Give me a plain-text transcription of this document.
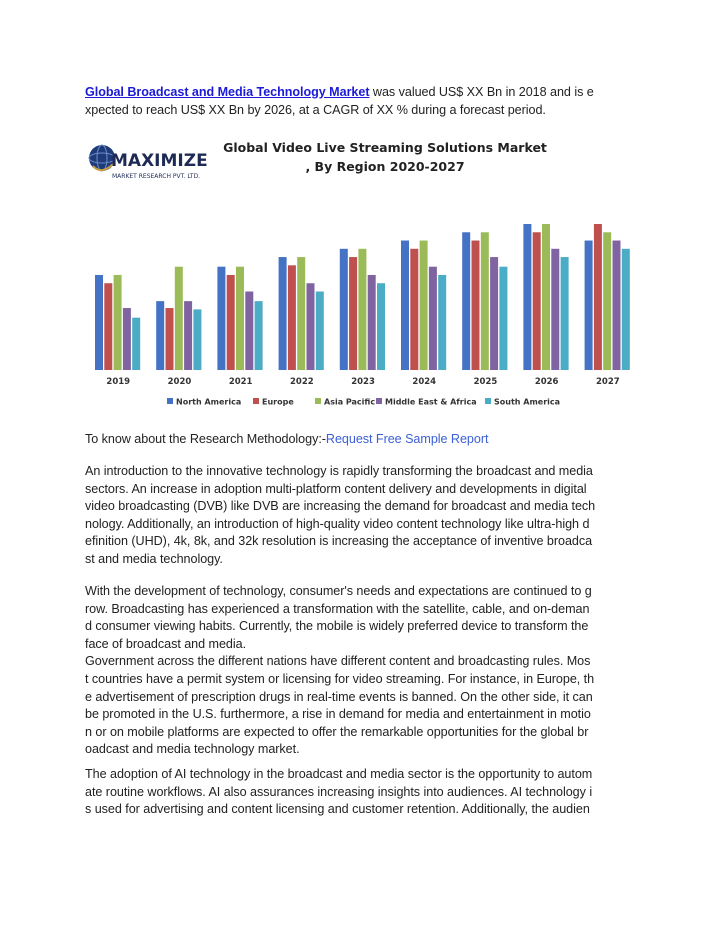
Global Broadcast and Media Technology Market was valued US$ XX Bn in 2018 and is e
xpected to reach US$ XX Bn by 2026, at a CAGR of XX % during a forecast period.

MAXIMIZE
MARKET RESEARCH PVT. LTD.
Global Video Live Streaming Solutions Market
, By Region 2020-2027
2019	2020	2021	2022	2023	2024	2025	2026	2027
North America	Europe	Asia Pacific Middle East & Africa South America

To know about the Research Methodology:-Request Free Sample Report

An introduction to the innovative technology is rapidly transforming the broadcast and media
sectors. An increase in adoption multi-platform content delivery and developments in digital
video broadcasting (DVB) like DVB are increasing the demand for broadcast and media tech
nology. Additionally, an introduction of high-quality video content technology like ultra-high d
efinition (UHD), 4k, 8k, and 32k resolution is increasing the acceptance of inventive broadca
st and media technology.

With the development of technology, consumer's needs and expectations are continued to g
row. Broadcasting has experienced a transformation with the satellite, cable, and on-deman
d consumer viewing habits. Currently, the mobile is widely preferred device to transform the
face of broadcast and media.
Government across the different nations have different content and broadcasting rules. Mos
t countries have a permit system or licensing for video streaming. For instance, in Europe, th
e advertisement of prescription drugs in real-time events is banned. On the other side, it can
be promoted in the U.S. furthermore, a rise in demand for media and entertainment in motio
n or on mobile platforms are expected to offer the remarkable opportunities for the global br
oadcast and media technology market.

The adoption of AI technology in the broadcast and media sector is the opportunity to autom
ate routine workflows. AI also assurances increasing insights into audiences. AI technology i
s used for advertising and content licensing and customer retention. Additionally, the audien
